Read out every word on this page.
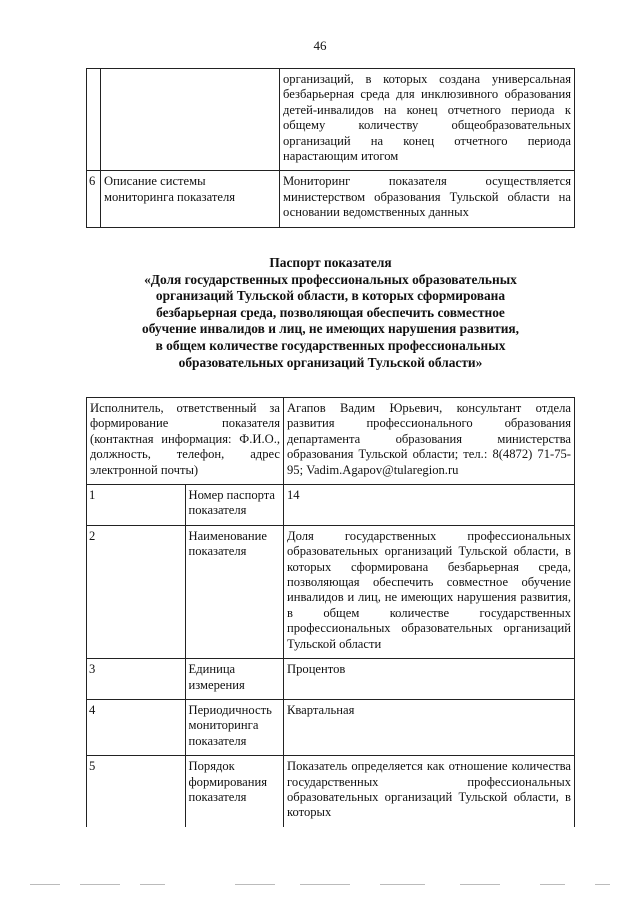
46
		организаций, в которых создана универсальная безбарьерная среда для инклюзивного образования детей-инвалидов на конец отчетного периода к общему количеству общеобразовательных организаций на конец отчетного периода нарастающим итогом
6	Описание системы мониторинга показателя	Мониторинг показателя осуществляется министерством образования Тульской области на основании ведомственных данных
Паспорт показателя
«Доля государственных профессиональных образовательных
организаций Тульской области, в которых сформирована
безбарьерная среда, позволяющая обеспечить совместное
обучение инвалидов и лиц, не имеющих нарушения развития,
в общем количестве государственных профессиональных
образовательных организаций Тульской области»
Исполнитель, ответственный за формирование показателя (контактная информация: Ф.И.О., должность, телефон, адрес электронной почты)		Агапов Вадим Юрьевич, консультант отдела развития профессионального образования департамента образования министерства образования Тульской области; тел.: 8(4872) 71-75-95; Vadim.Agapov@tularegion.ru
1	Номер паспорта показателя	14
2	Наименование показателя	Доля государственных профессиональных образовательных организаций Тульской области, в которых сформирована безбарьерная среда, позволяющая обеспечить совместное обучение инвалидов и лиц, не имеющих нарушения развития, в общем количестве государственных профессиональных образовательных организаций Тульской области
3	Единица измерения	Процентов
4	Периодичность мониторинга показателя	Квартальная
5	Порядок формирования показателя	Показатель определяется как отношение количества государственных профессиональных образовательных организаций Тульской области, в которых
